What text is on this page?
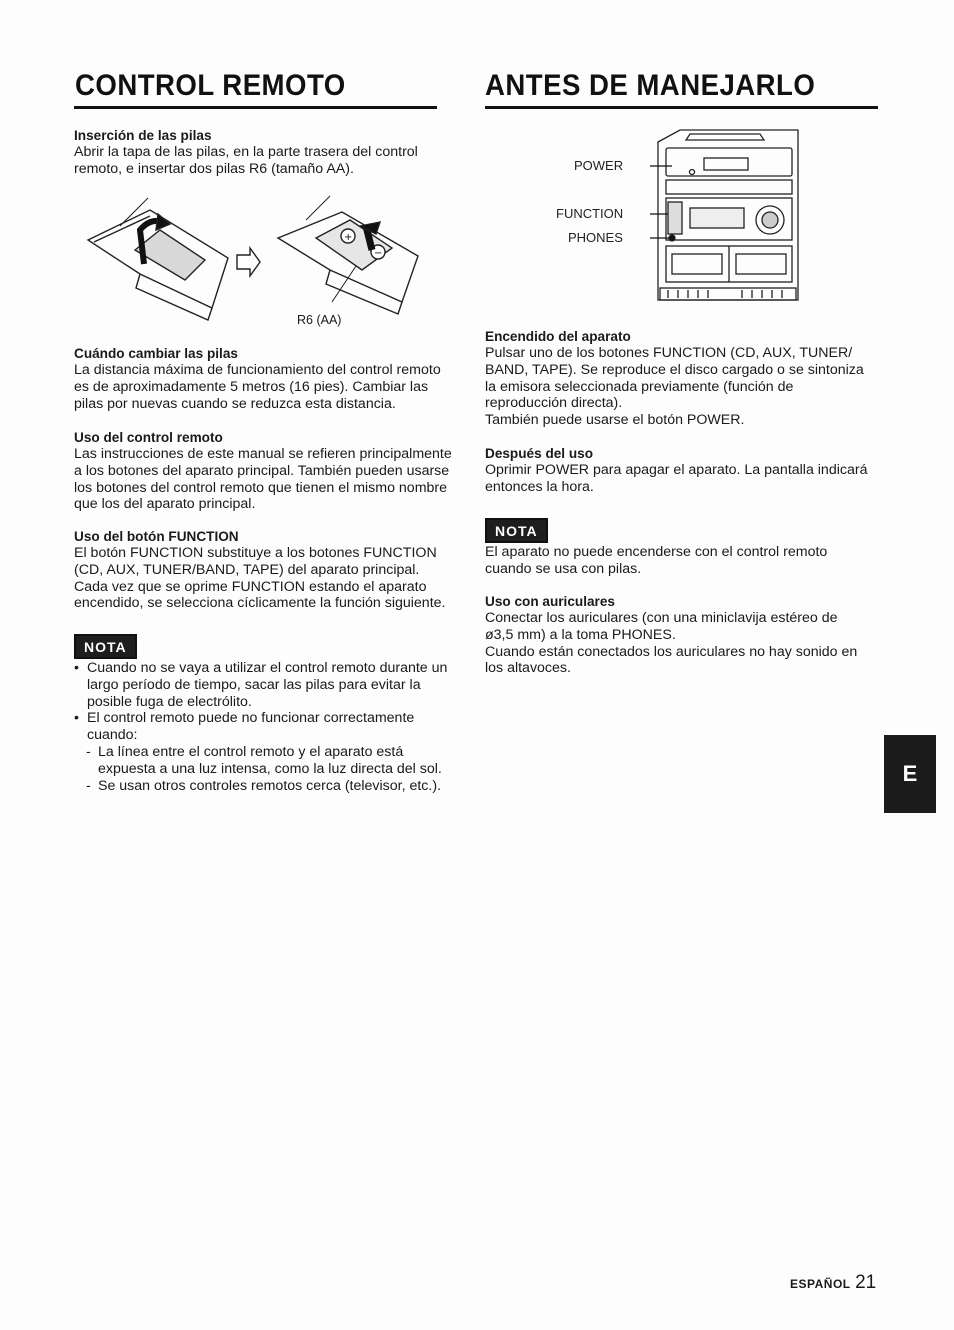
CONTROL REMOTO

Inserción de las pilas

Abrir la tapa de las pilas, en la parte trasera del control
remoto, e insertar dos pilas R6 (tamaño AA).

+
−
R6 (AA)

Cuándo cambiar las pilas

La distancia máxima de funcionamiento del control remoto
es de aproximadamente 5 metros (16 pies). Cambiar las
pilas por nuevas cuando se reduzca esta distancia.

Uso del control remoto

Las instrucciones de este manual se refieren principalmente
a los botones del aparato principal. También pueden usarse
los botones del control remoto que tienen el mismo nombre
que los del aparato principal.

Uso del botón FUNCTION

El botón FUNCTION substituye a los botones FUNCTION
(CD, AUX, TUNER/BAND, TAPE) del aparato principal.
Cada vez que se oprime FUNCTION estando el aparato
encendido, se selecciona cíclicamente la función siguiente.

NOTA
• Cuando no se vaya a utilizar el control remoto durante un
largo período de tiempo, sacar las pilas para evitar la
posible fuga de electrólito.
• El control remoto puede no funcionar correctamente
cuando:
- La línea entre el control remoto y el aparato está
expuesta a una luz intensa, como la luz directa del sol.
- Se usan otros controles remotos cerca (televisor, etc.).
ANTES DE MANEJARLO
POWER
FUNCTION
PHONES

Encendido del aparato

Pulsar uno de los botones FUNCTION (CD, AUX, TUNER/
BAND, TAPE). Se reproduce el disco cargado o se sintoniza
la emisora seleccionada previamente (función de
reproducción directa).
También puede usarse el botón POWER.

Después del uso

Oprimir POWER para apagar el aparato. La pantalla indicará
entonces la hora.

NOTA

El aparato no puede encenderse con el control remoto
cuando se usa con pilas.

Uso con auriculares

Conectar los auriculares (con una miniclavija estéreo de
ø3,5 mm) a la toma PHONES.
Cuando están conectados los auriculares no hay sonido en
los altavoces.

E
ESPAÑOL 21
